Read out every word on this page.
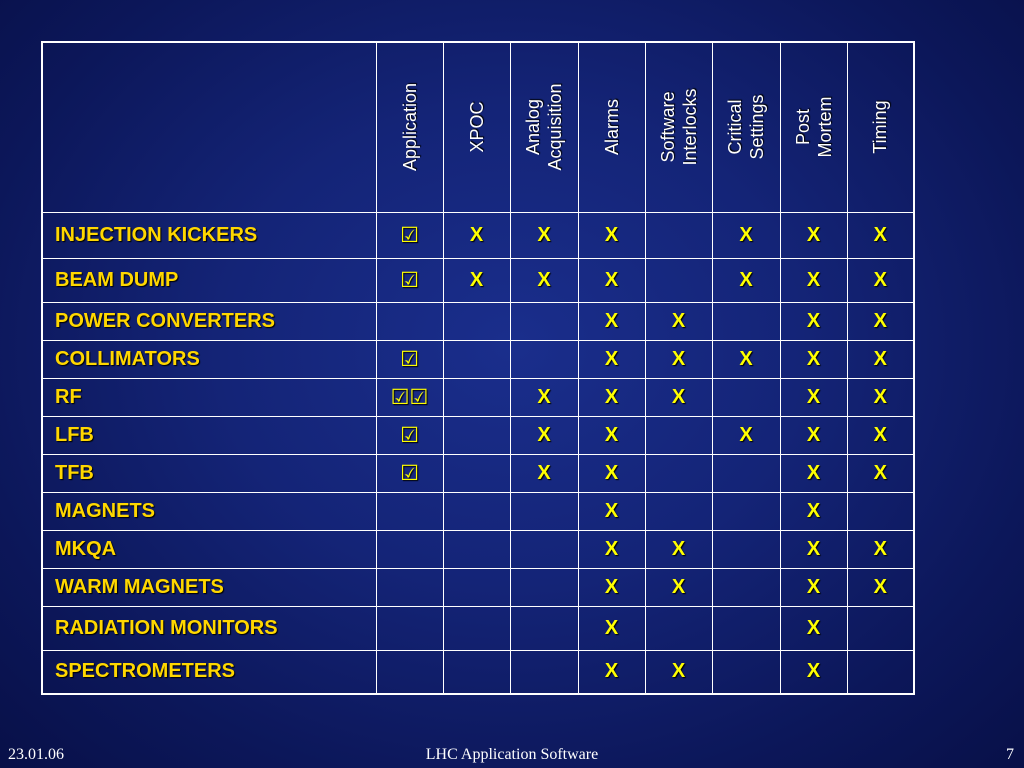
	Application	XPOC	Analog Acquisition	Alarms	Software Interlocks	Critical Settings	Post Mortem	Timing

INJECTION KICKERS	☑	X	X	X		X	X	X
BEAM DUMP	☑	X	X	X		X	X	X
POWER CONVERTERS				X	X		X	X
COLLIMATORS	☑			X	X	X	X	X
RF	☑☑		X	X	X		X	X
LFB	☑		X	X		X	X	X
TFB	☑		X	X			X	X
MAGNETS				X			X	
MKQA				X	X		X	X
WARM MAGNETS				X	X		X	X
RADIATION MONITORS				X			X	
SPECTROMETERS				X	X		X	
23.01.06	LHC Application Software	7
